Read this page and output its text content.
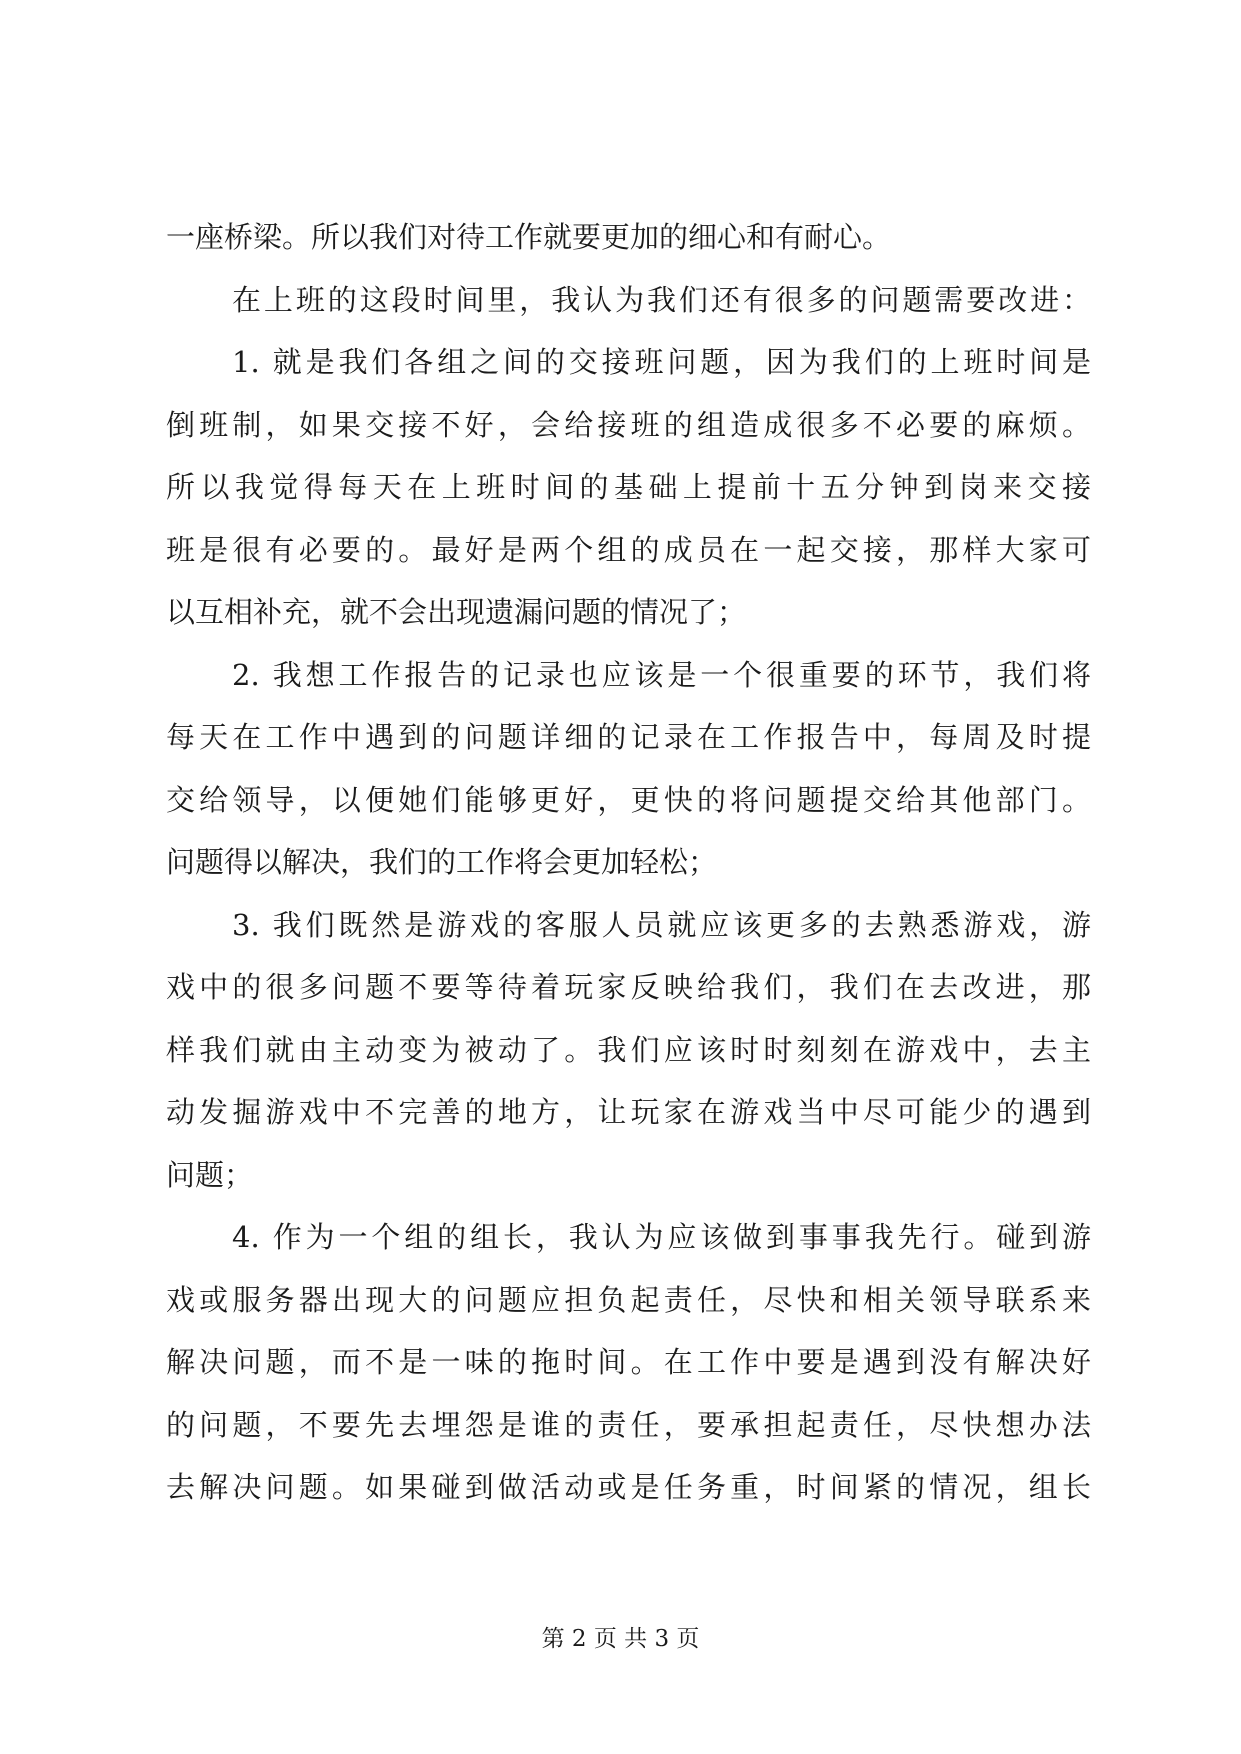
一座桥梁。所以我们对待工作就要更加的细心和有耐心。
在上班的这段时间里，我认为我们还有很多的问题需要改进：
1. 就是我们各组之间的交接班问题，因为我们的上班时间是
倒班制，如果交接不好，会给接班的组造成很多不必要的麻烦。
所以我觉得每天在上班时间的基础上提前十五分钟到岗来交接
班是很有必要的。最好是两个组的成员在一起交接，那样大家可
以互相补充，就不会出现遗漏问题的情况了；
2. 我想工作报告的记录也应该是一个很重要的环节，我们将
每天在工作中遇到的问题详细的记录在工作报告中，每周及时提
交给领导，以便她们能够更好，更快的将问题提交给其他部门。
问题得以解决，我们的工作将会更加轻松；
3. 我们既然是游戏的客服人员就应该更多的去熟悉游戏，游
戏中的很多问题不要等待着玩家反映给我们，我们在去改进，那
样我们就由主动变为被动了。我们应该时时刻刻在游戏中，去主
动发掘游戏中不完善的地方，让玩家在游戏当中尽可能少的遇到
问题；
4. 作为一个组的组长，我认为应该做到事事我先行。碰到游
戏或服务器出现大的问题应担负起责任，尽快和相关领导联系来
解决问题，而不是一味的拖时间。在工作中要是遇到没有解决好
的问题，不要先去埋怨是谁的责任，要承担起责任，尽快想办法
去解决问题。如果碰到做活动或是任务重，时间紧的情况，组长
第 2 页 共 3 页
